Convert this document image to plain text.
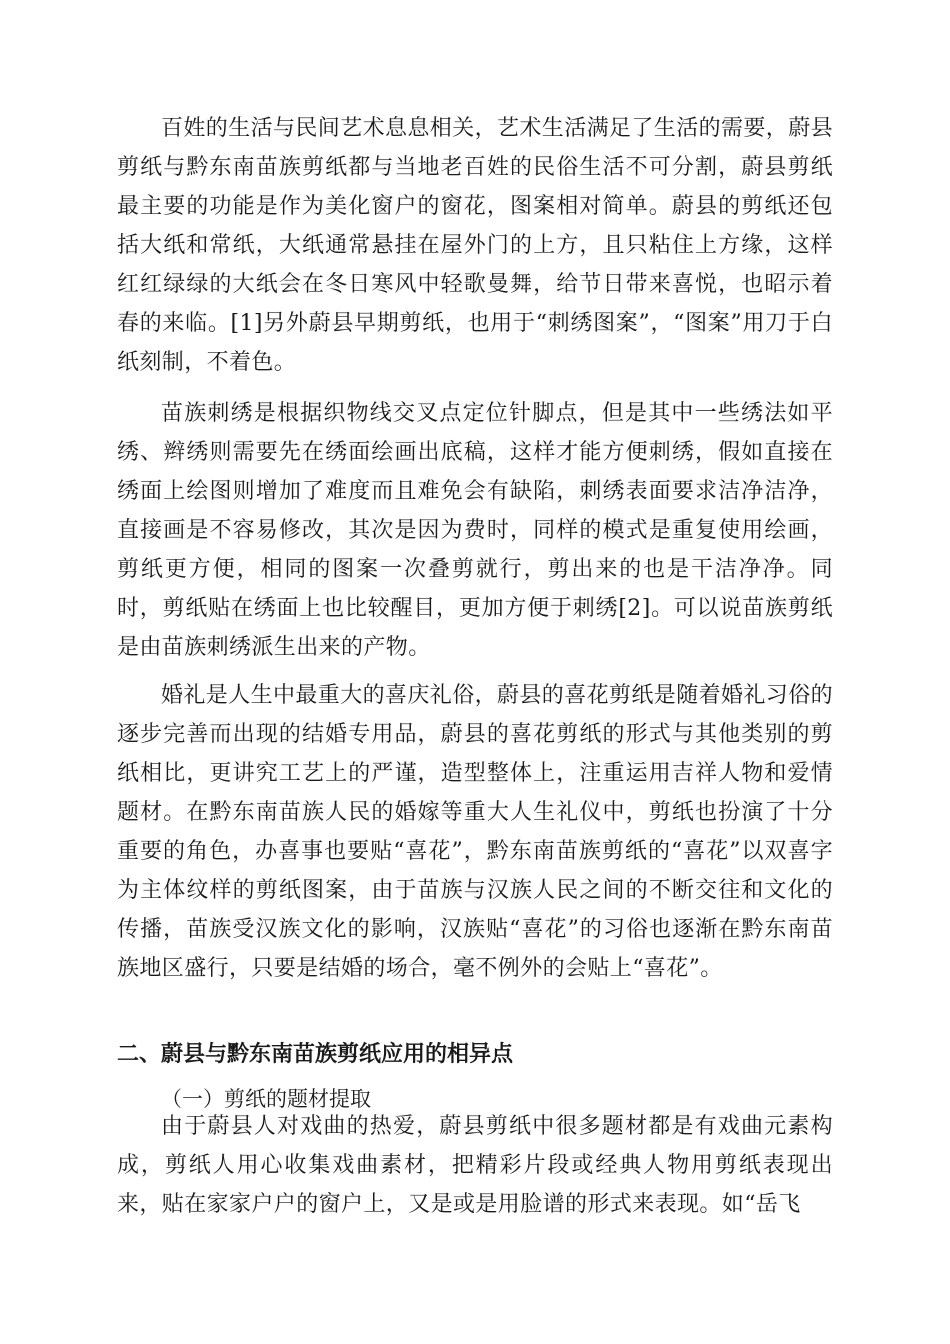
百姓的生活与民间艺术息息相关，艺术生活满足了生活的需要，蔚县剪纸与黔东南苗族剪纸都与当地老百姓的民俗生活不可分割，蔚县剪纸最主要的功能是作为美化窗户的窗花，图案相对简单。蔚县的剪纸还包括大纸和常纸，大纸通常悬挂在屋外门的上方，且只粘住上方缘，这样红红绿绿的大纸会在冬日寒风中轻歌曼舞，给节日带来喜悦，也昭示着春的来临。[1]另外蔚县早期剪纸，也用于“刺绣图案”，“图案”用刀于白纸刻制，不着色。

苗族刺绣是根据织物线交叉点定位针脚点，但是其中一些绣法如平绣、辫绣则需要先在绣面绘画出底稿，这样才能方便刺绣，假如直接在绣面上绘图则增加了难度而且难免会有缺陷，刺绣表面要求洁净洁净，直接画是不容易修改，其次是因为费时，同样的模式是重复使用绘画，剪纸更方便，相同的图案一次叠剪就行，剪出来的也是干洁净净。同时，剪纸贴在绣面上也比较醒目，更加方便于刺绣[2]。可以说苗族剪纸是由苗族刺绣派生出来的产物。

婚礼是人生中最重大的喜庆礼俗，蔚县的喜花剪纸是随着婚礼习俗的逐步完善而出现的结婚专用品，蔚县的喜花剪纸的形式与其他类别的剪纸相比，更讲究工艺上的严谨，造型整体上，注重运用吉祥人物和爱情题材。在黔东南苗族人民的婚嫁等重大人生礼仪中，剪纸也扮演了十分重要的角色，办喜事也要贴“喜花”，黔东南苗族剪纸的“喜花”以双喜字为主体纹样的剪纸图案，由于苗族与汉族人民之间的不断交往和文化的传播，苗族受汉族文化的影响，汉族贴“喜花”的习俗也逐渐在黔东南苗族地区盛行，只要是结婚的场合，毫不例外的会贴上“喜花”。

二、蔚县与黔东南苗族剪纸应用的相异点
（一）剪纸的题材提取

由于蔚县人对戏曲的热爱，蔚县剪纸中很多题材都是有戏曲元素构成，剪纸人用心收集戏曲素材，把精彩片段或经典人物用剪纸表现出来，贴在家家户户的窗户上，又是或是用脸谱的形式来表现。如“岳飞
